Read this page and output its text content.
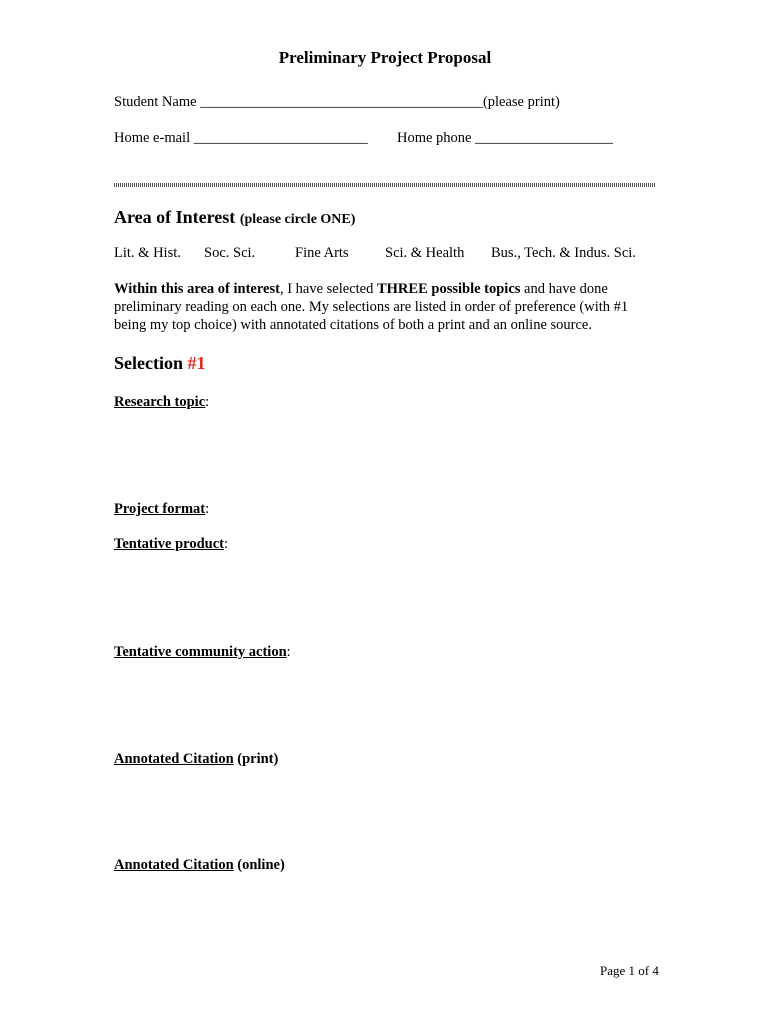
Preliminary Project Proposal
Student Name _______________________________________(please print)
Home e-mail ________________________ Home phone ___________________
Area of Interest (please circle ONE)
Lit. & Hist. Soc. Sci.	Fine Arts	Sci. & Health Bus., Tech. & Indus. Sci.
Within this area of interest, I have selected THREE possible topics and have done preliminary reading on each one. My selections are listed in order of preference (with #1 being my top choice) with annotated citations of both a print and an online source.
Selection #1
Research topic:
Project format:
Tentative product:
Tentative community action:
Annotated Citation (print)
Annotated Citation (online)
Page 1 of 4
